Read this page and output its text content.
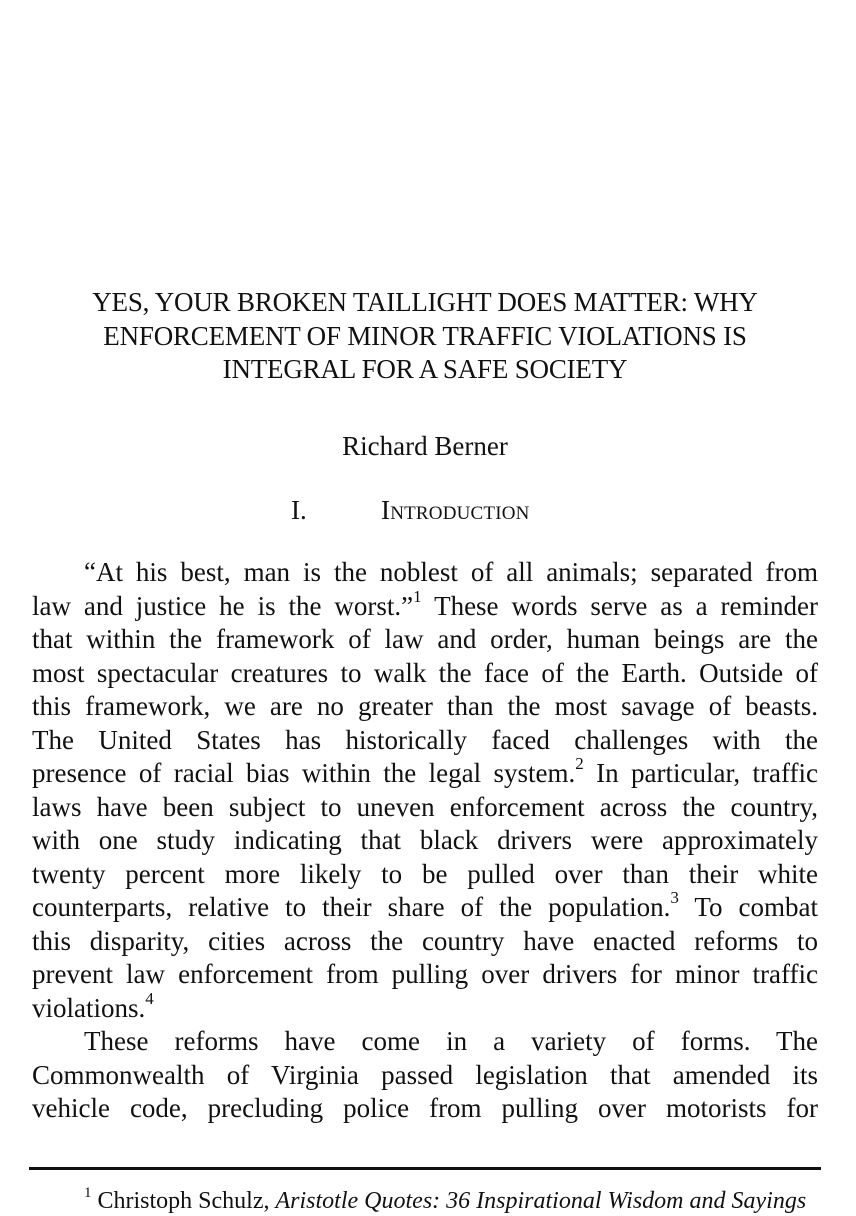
YES, YOUR BROKEN TAILLIGHT DOES MATTER: WHY
ENFORCEMENT OF MINOR TRAFFIC VIOLATIONS IS
INTEGRAL FOR A SAFE SOCIETY
Richard Berner
I.	Introduction
“At his best, man is the noblest of all animals; separated from
law and justice he is the worst.”$^1$ These words serve as a reminder
that within the framework of law and order, human beings are the
most spectacular creatures to walk the face of the Earth. Outside of
this framework, we are no greater than the most savage of beasts.
The United States has historically faced challenges with the
presence of racial bias within the legal system.$^2$ In particular, traffic
laws have been subject to uneven enforcement across the country,
with one study indicating that black drivers were approximately
twenty percent more likely to be pulled over than their white
counterparts, relative to their share of the population.$^3$ To combat
this disparity, cities across the country have enacted reforms to
prevent law enforcement from pulling over drivers for minor traffic
violations.$^4$
These reforms have come in a variety of forms. The
Commonwealth of Virginia passed legislation that amended its
vehicle code, precluding police from pulling over motorists for
$^1$ Christoph Schulz, Aristotle Quotes: 36 Inspirational Wisdom and Sayings
